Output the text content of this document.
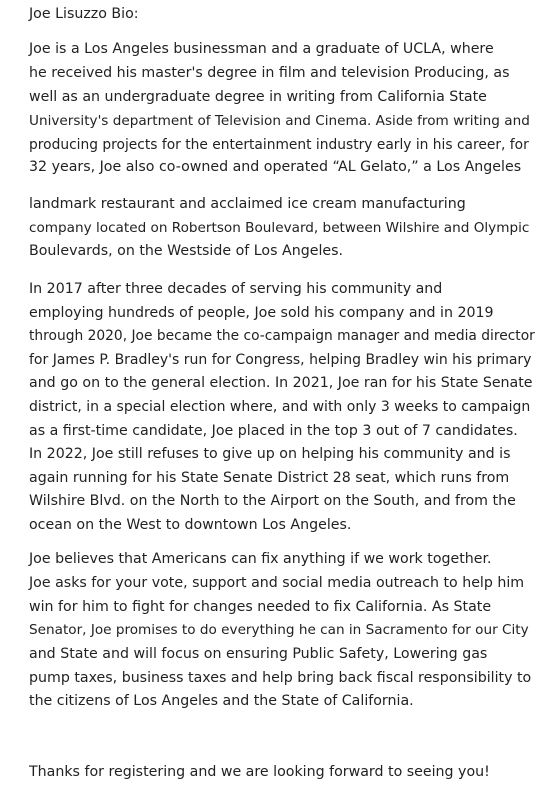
Joe Lisuzzo Bio:
Joe is a Los Angeles businessman and a graduate of UCLA, where
he received his master's degree in film and television Producing, as
well as an undergraduate degree in writing from California State
University's department of Television and Cinema. Aside from writing and
producing projects for the entertainment industry early in his career, for
32 years, Joe also co-owned and operated “AL Gelato,” a Los Angeles
landmark restaurant and acclaimed ice cream manufacturing
company located on Robertson Boulevard, between Wilshire and Olympic
Boulevards, on the Westside of Los Angeles.
In 2017 after three decades of serving his community and
employing hundreds of people, Joe sold his company and in 2019
through 2020, Joe became the co-campaign manager and media director
for James P. Bradley's run for Congress, helping Bradley win his primary
and go on to the general election. In 2021, Joe ran for his State Senate
district, in a special election where, and with only 3 weeks to campaign
as a first-time candidate, Joe placed in the top 3 out of 7 candidates.
In 2022, Joe still refuses to give up on helping his community and is
again running for his State Senate District 28 seat, which runs from
Wilshire Blvd. on the North to the Airport on the South, and from the
ocean on the West to downtown Los Angeles.
Joe believes that Americans can fix anything if we work together.
Joe asks for your vote, support and social media outreach to help him
win for him to fight for changes needed to fix California. As State
Senator, Joe promises to do everything he can in Sacramento for our City
and State and will focus on ensuring Public Safety, Lowering gas
pump taxes, business taxes and help bring back fiscal responsibility to
the citizens of Los Angeles and the State of California.
Thanks for registering and we are looking forward to seeing you!
